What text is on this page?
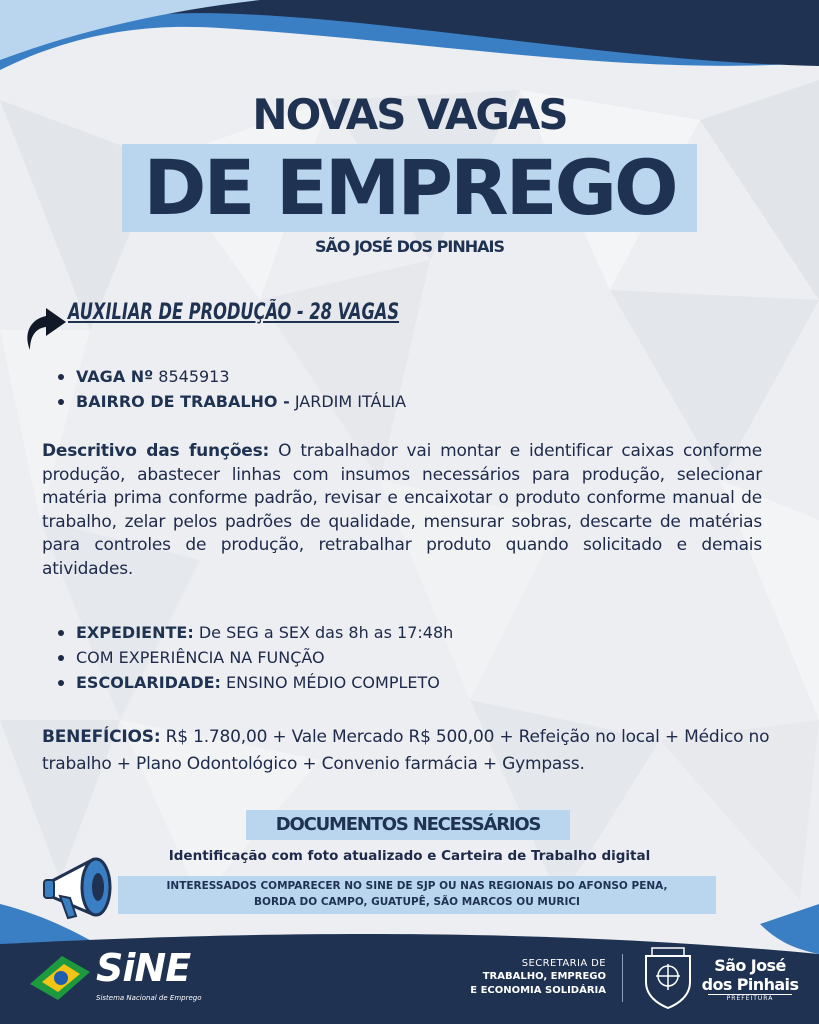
NOVAS VAGAS
DE EMPREGO
SÃO JOSÉ DOS PINHAIS
AUXILIAR DE PRODUÇÃO - 28 VAGAS
VAGA Nº 8545913
BAIRRO DE TRABALHO - JARDIM ITÁLIA

Descritivo das funções: O trabalhador vai montar e identificar caixas conforme produção, abastecer linhas com insumos necessários para produção, selecionar matéria prima conforme padrão, revisar e encaixotar o produto conforme manual de trabalho, zelar pelos padrões de qualidade, mensurar sobras, descarte de matérias para controles de produção, retrabalhar produto quando solicitado e demais atividades.

EXPEDIENTE: De SEG a SEX das 8h as 17:48h
COM EXPERIÊNCIA NA FUNÇÃO
ESCOLARIDADE: ENSINO MÉDIO COMPLETO

BENEFÍCIOS: R$ 1.780,00 + Vale Mercado R$ 500,00 + Refeição no local + Médico no trabalho + Plano Odontológico + Convenio farmácia + Gympass.

DOCUMENTOS NECESSÁRIOS
Identificação com foto atualizado e Carteira de Trabalho digital
INTERESSADOS COMPARECER NO SINE DE SJP OU NAS REGIONAIS DO AFONSO PENA,
BORDA DO CAMPO, GUATUPÊ, SÃO MARCOS OU MURICI
SiNE
Sistema Nacional de Emprego
SECRETARIA DE
TRABALHO, EMPREGO
E ECONOMIA SOLIDÁRIA
São José
dos Pinhais
PREFEITURA
